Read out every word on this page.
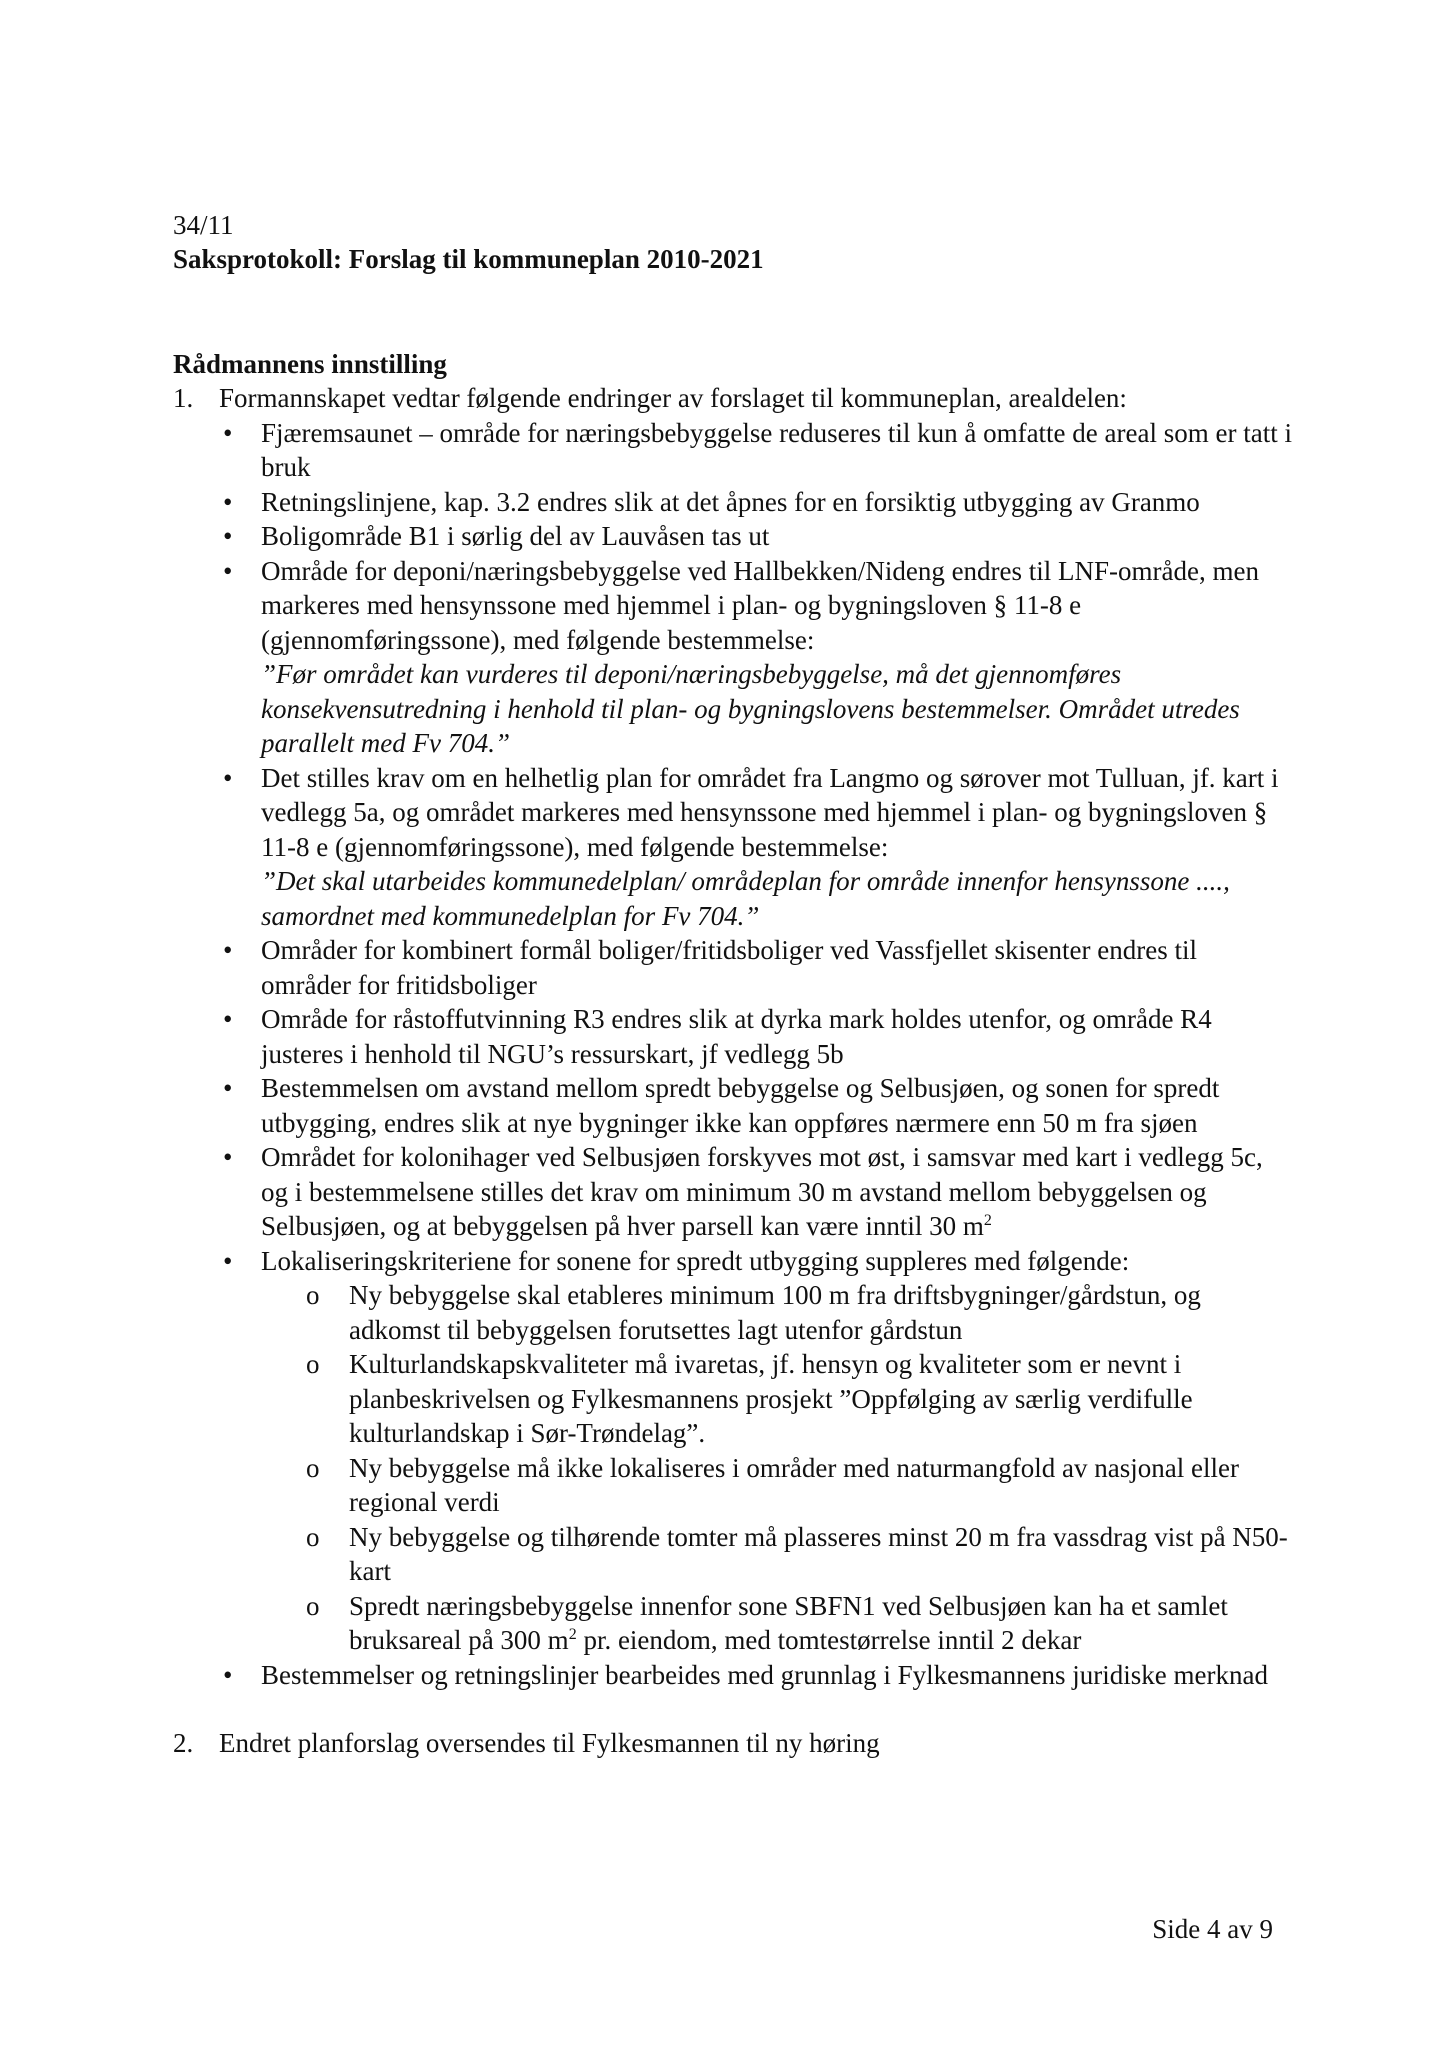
34/11
Saksprotokoll: Forslag til kommuneplan 2010-2021
Rådmannens innstilling
1. Formannskapet vedtar følgende endringer av forslaget til kommuneplan, arealdelen:
• Fjæremsaunet – område for næringsbebyggelse reduseres til kun å omfatte de areal som er tatt i bruk
• Retningslinjene, kap. 3.2 endres slik at det åpnes for en forsiktig utbygging av Granmo
• Boligområde B1 i sørlig del av Lauvåsen tas ut
• Område for deponi/næringsbebyggelse ved Hallbekken/Nideng endres til LNF-område, men markeres med hensynssone med hjemmel i plan- og bygningsloven § 11-8 e (gjennomføringssone), med følgende bestemmelse:
”Før området kan vurderes til deponi/næringsbebyggelse, må det gjennomføres konsekvensutredning i henhold til plan- og bygningslovens bestemmelser. Området utredes parallelt med Fv 704.”
• Det stilles krav om en helhetlig plan for området fra Langmo og sørover mot Tulluan, jf. kart i vedlegg 5a, og området markeres med hensynssone med hjemmel i plan- og bygningsloven § 11-8 e (gjennomføringssone), med følgende bestemmelse:
”Det skal utarbeides kommunedelplan/ områdeplan for område innenfor hensynssone ...., samordnet med kommunedelplan for Fv 704.”
• Områder for kombinert formål boliger/fritidsboliger ved Vassfjellet skisenter endres til områder for fritidsboliger
• Område for råstoffutvinning R3 endres slik at dyrka mark holdes utenfor, og område R4 justeres i henhold til NGU’s ressurskart, jf vedlegg 5b
• Bestemmelsen om avstand mellom spredt bebyggelse og Selbusjøen, og sonen for spredt utbygging, endres slik at nye bygninger ikke kan oppføres nærmere enn 50 m fra sjøen
• Området for kolonihager ved Selbusjøen forskyves mot øst, i samsvar med kart i vedlegg 5c, og i bestemmelsene stilles det krav om minimum 30 m avstand mellom bebyggelsen og Selbusjøen, og at bebyggelsen på hver parsell kan være inntil 30 $m^2$
• Lokaliseringskriteriene for sonene for spredt utbygging suppleres med følgende:
o Ny bebyggelse skal etableres minimum 100 m fra driftsbygninger/gårdstun, og adkomst til bebyggelsen forutsettes lagt utenfor gårdstun
o Kulturlandskapskvaliteter må ivaretas, jf. hensyn og kvaliteter som er nevnt i planbeskrivelsen og Fylkesmannens prosjekt ”Oppfølging av særlig verdifulle kulturlandskap i Sør-Trøndelag”.
o Ny bebyggelse må ikke lokaliseres i områder med naturmangfold av nasjonal eller regional verdi
o Ny bebyggelse og tilhørende tomter må plasseres minst 20 m fra vassdrag vist på N50-kart
o Spredt næringsbebyggelse innenfor sone SBFN1 ved Selbusjøen kan ha et samlet bruksareal på 300 $m^2$ pr. eiendom, med tomtestørrelse inntil 2 dekar
• Bestemmelser og retningslinjer bearbeides med grunnlag i Fylkesmannens juridiske merknad
2. Endret planforslag oversendes til Fylkesmannen til ny høring
Side 4 av 9
